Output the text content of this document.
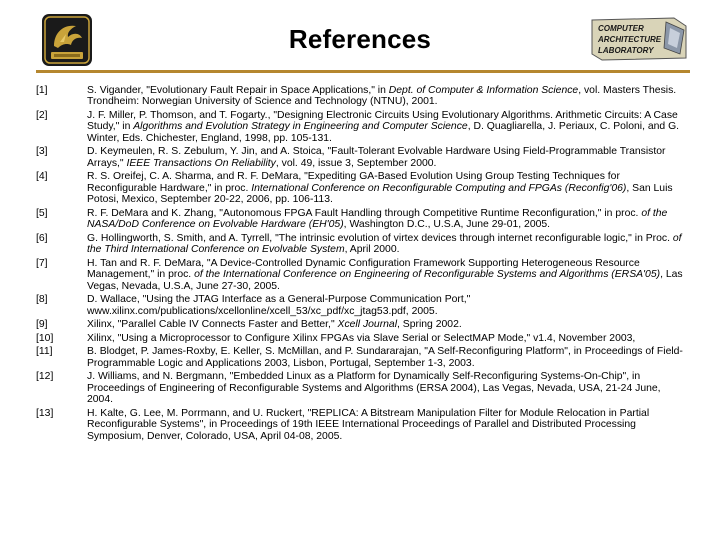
COMPUTER
ARCHITECTURE
LABORATORY
References
[1]	S. Vigander, "Evolutionary Fault Repair in Space Applications," in Dept. of Computer & Information Science, vol. Masters Thesis. Trondheim: Norwegian University of Science and Technology (NTNU), 2001.
[2]	J. F. Miller, P. Thomson, and T. Fogarty., "Designing Electronic Circuits Using Evolutionary Algorithms. Arithmetic Circuits: A Case Study," in Algorithms and Evolution Strategy in Engineering and Computer Science, D. Quagliarella, J. Periaux, C. Poloni, and G. Winter, Eds. Chichester, England, 1998, pp. 105-131.
[3]	D. Keymeulen, R. S. Zebulum, Y. Jin, and A. Stoica, "Fault-Tolerant Evolvable Hardware Using Field-Programmable Transistor Arrays," IEEE Transactions On Reliability, vol. 49, issue 3, September 2000.
[4]	R. S. Oreifej, C. A. Sharma, and R. F. DeMara, "Expediting GA-Based Evolution Using Group Testing Techniques for Reconfigurable Hardware," in proc. International Conference on Reconfigurable Computing and FPGAs (Reconfig'06), San Luis Potosi, Mexico, September 20-22, 2006, pp. 106-113.
[5]	R. F. DeMara and K. Zhang, "Autonomous FPGA Fault Handling through Competitive Runtime Reconfiguration," in proc. of the NASA/DoD Conference on Evolvable Hardware (EH'05), Washington D.C., U.S.A, June 29-01, 2005.
[6]	G. Hollingworth, S. Smith, and A. Tyrrell, "The intrinsic evolution of virtex devices through internet reconfigurable logic," in Proc. of the Third International Conference on Evolvable System, April 2000.
[7]	H. Tan and R. F. DeMara, "A Device-Controlled Dynamic Configuration Framework Supporting Heterogeneous Resource Management," in proc. of the International Conference on Engineering of Reconfigurable Systems and Algorithms (ERSA'05), Las Vegas, Nevada, U.S.A, June 27-30, 2005.
[8]	D. Wallace, "Using the JTAG Interface as a General-Purpose Communication Port," www.xilinx.com/publications/xcellonline/xcell_53/xc_pdf/xc_jtag53.pdf, 2005.
[9]	Xilinx, "Parallel Cable IV Connects Faster and Better," Xcell Journal, Spring 2002.
[10]	Xilinx, "Using a Microprocessor to Configure Xilinx FPGAs via Slave Serial or SelectMAP Mode," v1.4, November 2003,
[11]	B. Blodget, P. James-Roxby, E. Keller, S. McMillan, and P. Sundararajan, "A Self-Reconfiguring Platform", in Proceedings of Field-Programmable Logic and Applications 2003, Lisbon, Portugal, September 1-3, 2003.
[12]	J. Williams, and N. Bergmann, "Embedded Linux as a Platform for Dynamically Self-Reconfiguring Systems-On-Chip", in Proceedings of Engineering of Reconfigurable Systems and Algorithms (ERSA 2004), Las Vegas, Nevada, USA, 21-24 June, 2004.
[13]	H. Kalte, G. Lee, M. Porrmann, and U. Ruckert, "REPLICA: A Bitstream Manipulation Filter for Module Relocation in Partial Reconfigurable Systems", in Proceedings of 19th IEEE International Proceedings of Parallel and Distributed Processing Symposium, Denver, Colorado, USA, April 04-08, 2005.
